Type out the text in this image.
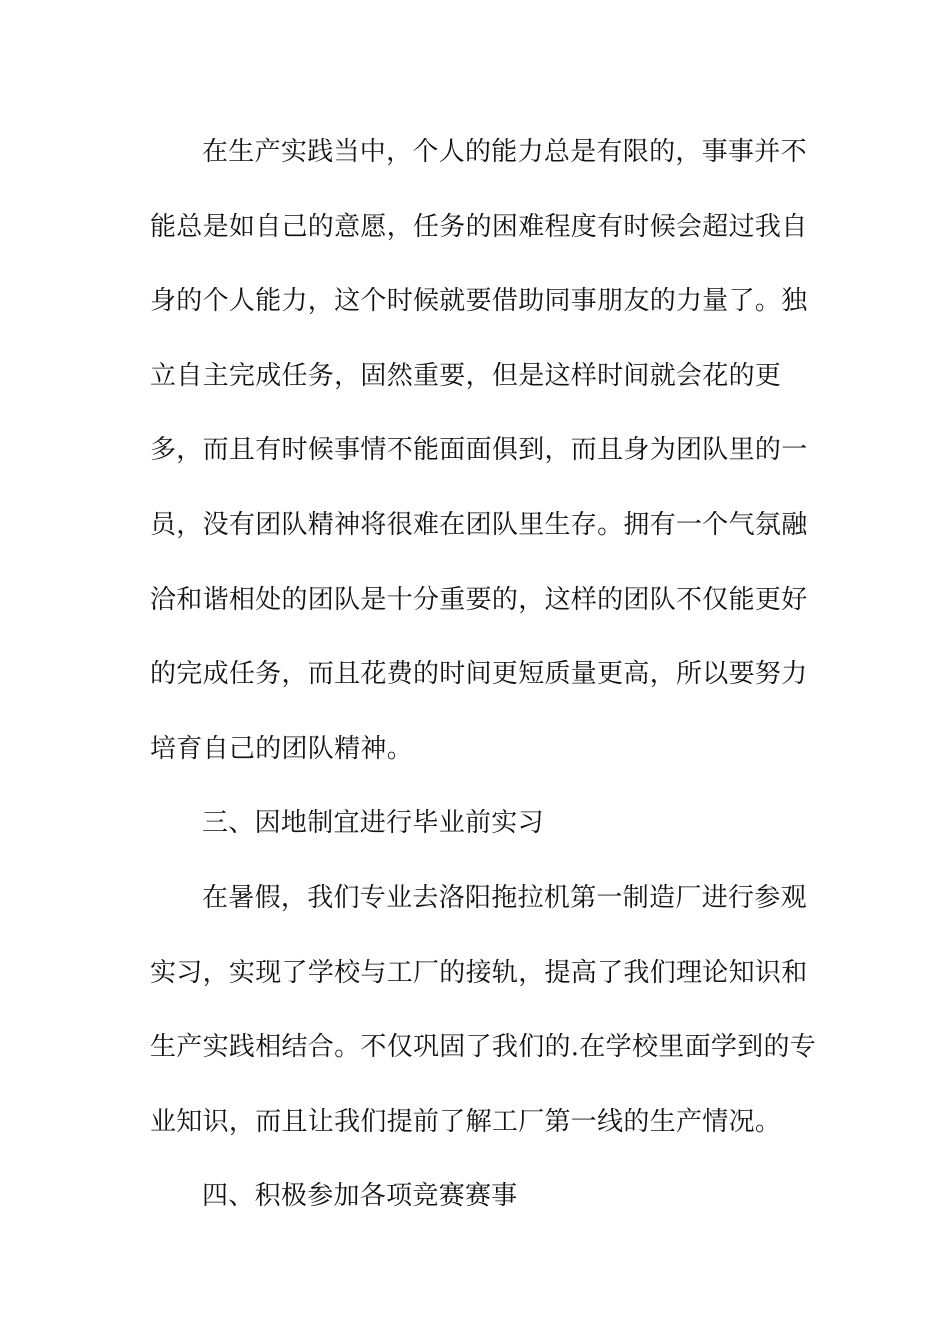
在生产实践当中，个人的能力总是有限的，事事并不
能总是如自己的意愿，任务的困难程度有时候会超过我自
身的个人能力，这个时候就要借助同事朋友的力量了。独
立自主完成任务，固然重要，但是这样时间就会花的更
多，而且有时候事情不能面面俱到，而且身为团队里的一
员，没有团队精神将很难在团队里生存。拥有一个气氛融
洽和谐相处的团队是十分重要的，这样的团队不仅能更好
的完成任务，而且花费的时间更短质量更高，所以要努力
培育自己的团队精神。
三、因地制宜进行毕业前实习
在暑假，我们专业去洛阳拖拉机第一制造厂进行参观
实习，实现了学校与工厂的接轨，提高了我们理论知识和
生产实践相结合。不仅巩固了我们的.在学校里面学到的专
业知识，而且让我们提前了解工厂第一线的生产情况。
四、积极参加各项竞赛赛事
